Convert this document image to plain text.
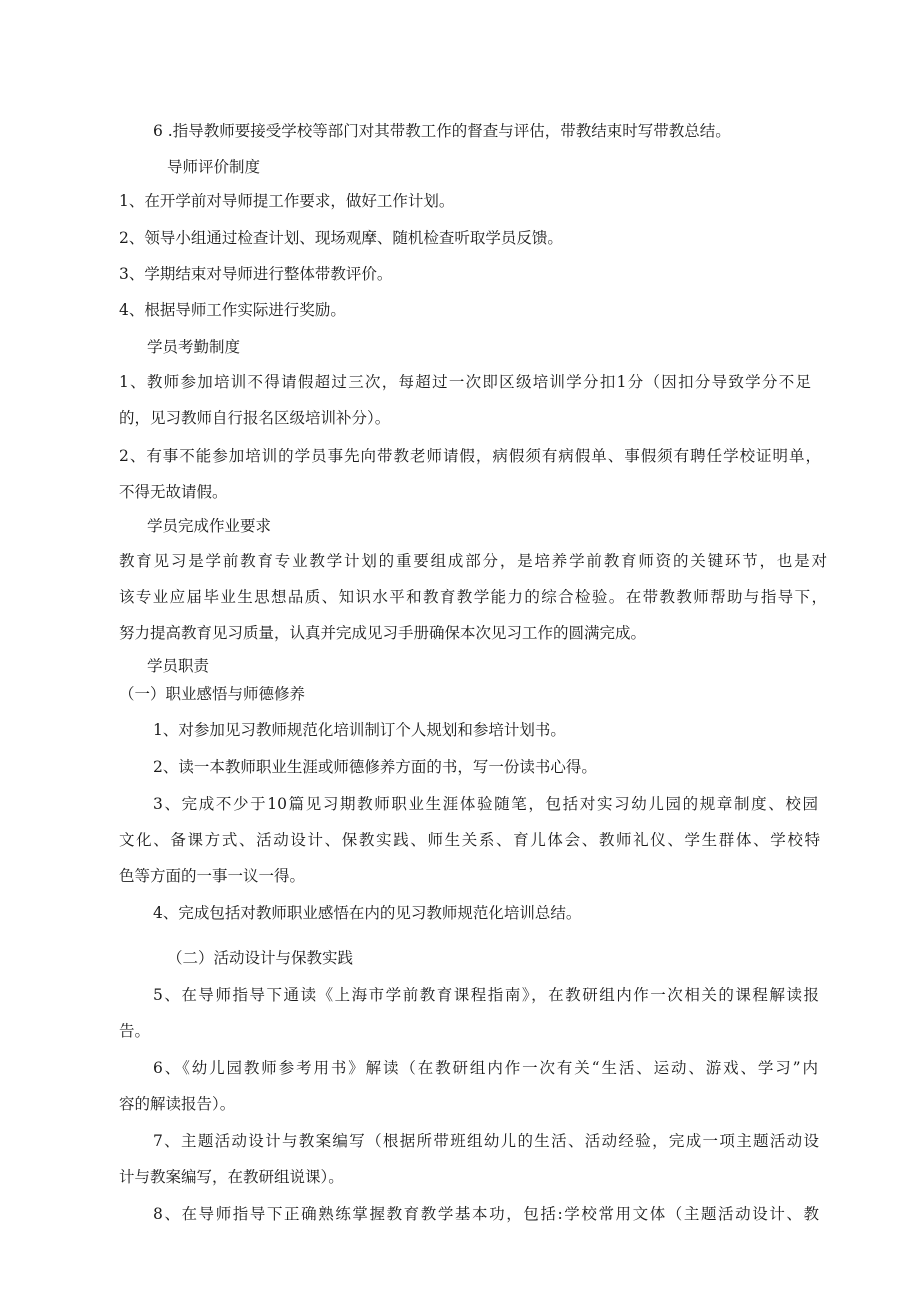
6 .指导教师要接受学校等部门对其带教工作的督查与评估，带教结束时写带教总结。

导师评价制度

1、在开学前对导师提工作要求，做好工作计划。

2、领导小组通过检查计划、现场观摩、随机检查听取学员反馈。

3、学期结束对导师进行整体带教评价。

4、根据导师工作实际进行奖励。

学员考勤制度

1、教师参加培训不得请假超过三次，每超过一次即区级培训学分扣1分（因扣分导致学分不足

的，见习教师自行报名区级培训补分）。

2、有事不能参加培训的学员事先向带教老师请假，病假须有病假单、事假须有聘任学校证明单，

不得无故请假。

学员完成作业要求

教育见习是学前教育专业教学计划的重要组成部分，是培养学前教育师资的关键环节，也是对

该专业应届毕业生思想品质、知识水平和教育教学能力的综合检验。在带教教师帮助与指导下，

努力提高教育见习质量，认真并完成见习手册确保本次见习工作的圆满完成。

学员职责

（一）职业感悟与师德修养

1、对参加见习教师规范化培训制订个人规划和参培计划书。

2、读一本教师职业生涯或师德修养方面的书，写一份读书心得。

3、完成不少于10篇见习期教师职业生涯体验随笔，包括对实习幼儿园的规章制度、校园

文化、备课方式、活动设计、保教实践、师生关系、育儿体会、教师礼仪、学生群体、学校特

色等方面的一事一议一得。

4、完成包括对教师职业感悟在内的见习教师规范化培训总结。

（二）活动设计与保教实践

5、在导师指导下通读《上海市学前教育课程指南》，在教研组内作一次相关的课程解读报

告。

6、《幼儿园教师参考用书》解读（在教研组内作一次有关“生活、运动、游戏、学习”内

容的解读报告）。

7、主题活动设计与教案编写（根据所带班组幼儿的生活、活动经验，完成一项主题活动设

计与教案编写，在教研组说课）。

8、在导师指导下正确熟练掌握教育教学基本功，包括:学校常用文体（主题活动设计、教
